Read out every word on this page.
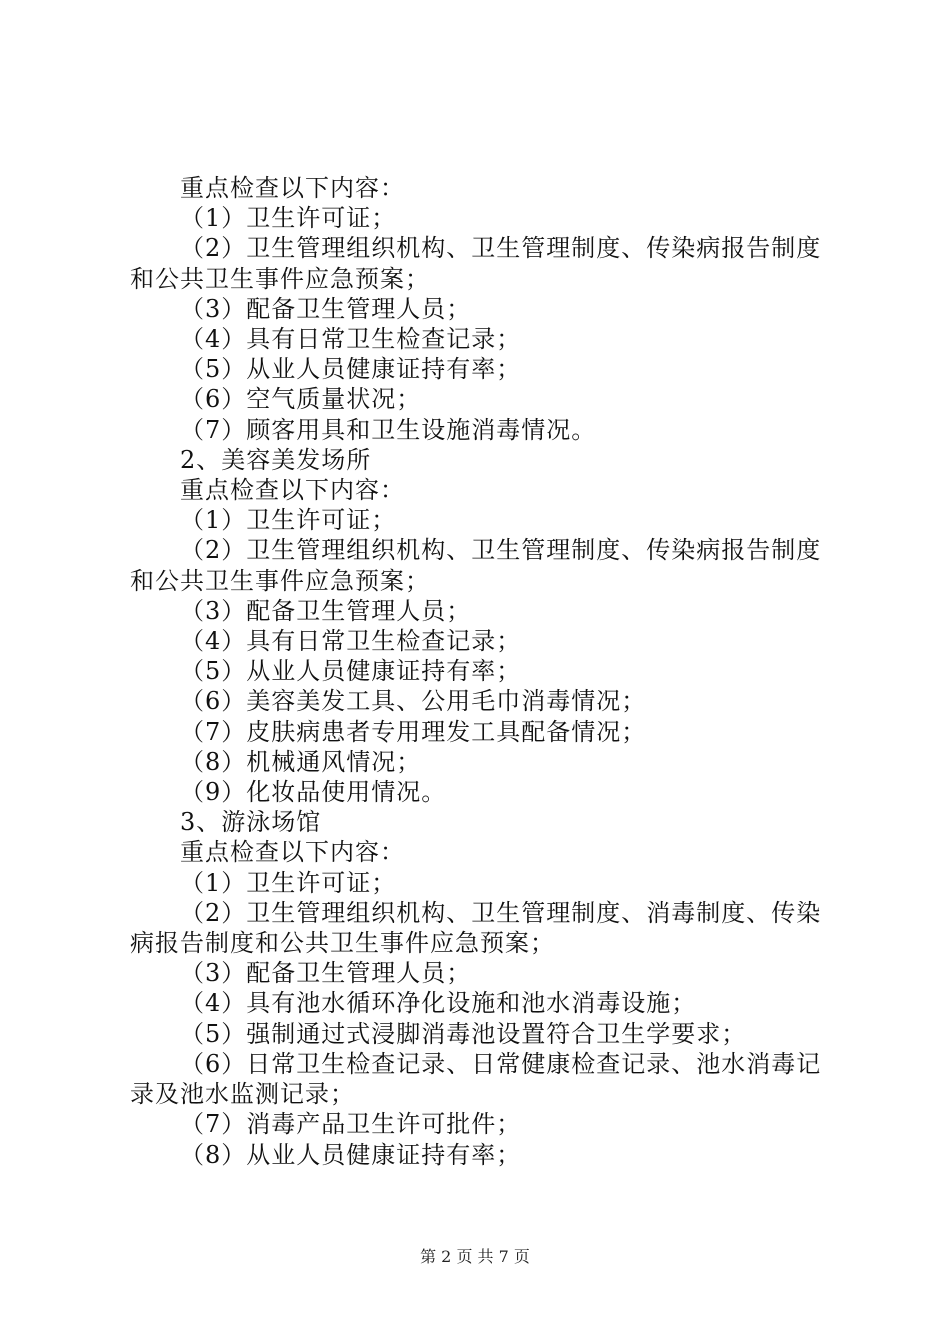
重点检查以下内容：
（1）卫生许可证；
（2）卫生管理组织机构、卫生管理制度、传染病报告制度
和公共卫生事件应急预案；
（3）配备卫生管理人员；
（4）具有日常卫生检查记录；
（5）从业人员健康证持有率；
（6）空气质量状况；
（7）顾客用具和卫生设施消毒情况。
2、美容美发场所
重点检查以下内容：
（1）卫生许可证；
（2）卫生管理组织机构、卫生管理制度、传染病报告制度
和公共卫生事件应急预案；
（3）配备卫生管理人员；
（4）具有日常卫生检查记录；
（5）从业人员健康证持有率；
（6）美容美发工具、公用毛巾消毒情况；
（7）皮肤病患者专用理发工具配备情况；
（8）机械通风情况；
（9）化妆品使用情况。
3、游泳场馆
重点检查以下内容：
（1）卫生许可证；
（2）卫生管理组织机构、卫生管理制度、消毒制度、传染
病报告制度和公共卫生事件应急预案；
（3）配备卫生管理人员；
（4）具有池水循环净化设施和池水消毒设施；
（5）强制通过式浸脚消毒池设置符合卫生学要求；
（6）日常卫生检查记录、日常健康检查记录、池水消毒记
录及池水监测记录；
（7）消毒产品卫生许可批件；
（8）从业人员健康证持有率；
第 2 页 共 7 页
